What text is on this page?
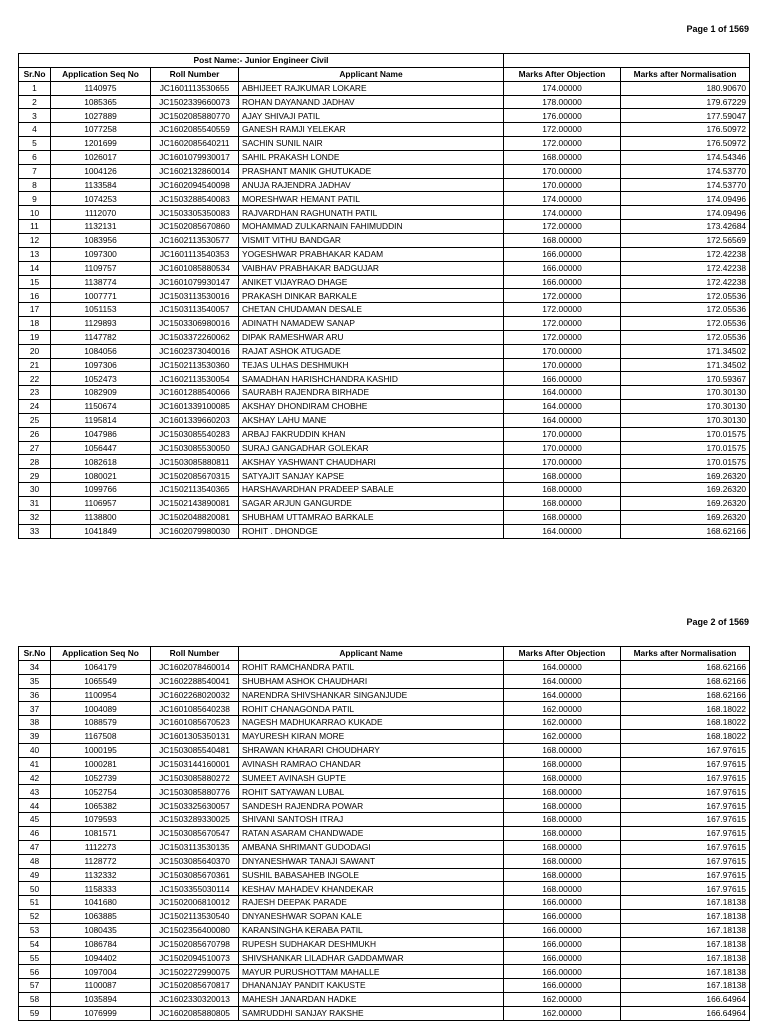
Page 1 of 1569
Post Name:- Junior Engineer Civil					
Sr.No	Application Seq No	Roll Number	Applicant Name	Marks After Objection	Marks after Normalisation
1	1140975	JC1601113530655	ABHIJEET RAJKUMAR LOKARE	174.00000	180.90670
2	1085365	JC1502339660073	ROHAN DAYANAND JADHAV	178.00000	179.67229
3	1027889	JC1502085880770	AJAY SHIVAJI PATIL	176.00000	177.59047
4	1077258	JC1602085540559	GANESH RAMJI YELEKAR	172.00000	176.50972
5	1201699	JC1602085640211	SACHIN SUNIL NAIR	172.00000	176.50972
6	1026017	JC1601079930017	SAHIL PRAKASH LONDE	168.00000	174.54346
7	1004126	JC1602132860014	PRASHANT MANIK GHUTUKADE	170.00000	174.53770
8	1133584	JC1602094540098	ANUJA RAJENDRA JADHAV	170.00000	174.53770
9	1074253	JC1503288540083	MORESHWAR HEMANT PATIL	174.00000	174.09496
10	1112070	JC1503305350083	RAJVARDHAN RAGHUNATH PATIL	174.00000	174.09496
11	1132131	JC1502085670860	MOHAMMAD ZULKARNAIN FAHIMUDDIN	172.00000	173.42684
12	1083956	JC1602113530577	VISMIT VITHU BANDGAR	168.00000	172.56569
13	1097300	JC1601113540353	YOGESHWAR PRABHAKAR KADAM	166.00000	172.42238
14	1109757	JC1601085880534	VAIBHAV PRABHAKAR BADGUJAR	166.00000	172.42238
15	1138774	JC1601079930147	ANIKET VIJAYRAO DHAGE	166.00000	172.42238
16	1007771	JC1503113530016	PRAKASH DINKAR BARKALE	172.00000	172.05536
17	1051153	JC1503113540057	CHETAN CHUDAMAN DESALE	172.00000	172.05536
18	1129893	JC1503306980016	ADINATH NAMADEW SANAP	172.00000	172.05536
19	1147782	JC1503372260062	DIPAK RAMESHWAR ARU	172.00000	172.05536
20	1084056	JC1602373040016	RAJAT ASHOK ATUGADE	170.00000	171.34502
21	1097306	JC1502113530360	TEJAS ULHAS DESHMUKH	170.00000	171.34502
22	1052473	JC1602113530054	SAMADHAN HARISHCHANDRA KASHID	166.00000	170.59367
23	1082909	JC1601288540066	SAURABH RAJENDRA BIRHADE	164.00000	170.30130
24	1150674	JC1601339100085	AKSHAY DHONDIRAM CHOBHE	164.00000	170.30130
25	1195814	JC1601339660203	AKSHAY LAHU MANE	164.00000	170.30130
26	1047986	JC1503085540283	ARBAJ FAKRUDDIN KHAN	170.00000	170.01575
27	1056447	JC1503085530050	SURAJ GANGADHAR GOLEKAR	170.00000	170.01575
28	1082618	JC1503085880811	AKSHAY YASHWANT CHAUDHARI	170.00000	170.01575
29	1080021	JC1502085670315	SATYAJIT SANJAY KAPSE	168.00000	169.26320
30	1099766	JC1502113540365	HARSHAVARDHAN PRADEEP SABALE	168.00000	169.26320
31	1106957	JC1502143890081	SAGAR ARJUN GANGURDE	168.00000	169.26320
32	1138800	JC1502048820081	SHUBHAM UTTAMRAO BARKALE	168.00000	169.26320
33	1041849	JC1602079980030	ROHIT . DHONDGE	164.00000	168.62166
Page 2 of 1569
Sr.No	Application Seq No	Roll Number	Applicant Name	Marks After Objection	Marks after Normalisation
34	1064179	JC1602078460014	ROHIT RAMCHANDRA PATIL	164.00000	168.62166
35	1065549	JC1602288540041	SHUBHAM ASHOK CHAUDHARI	164.00000	168.62166
36	1100954	JC1602268020032	NARENDRA SHIVSHANKAR SINGANJUDE	164.00000	168.62166
37	1004089	JC1601085640238	ROHIT CHANAGONDA PATIL	162.00000	168.18022
38	1088579	JC1601085670523	NAGESH MADHUKARRAO KUKADE	162.00000	168.18022
39	1167508	JC1601305350131	MAYURESH KIRAN MORE	162.00000	168.18022
40	1000195	JC1503085540481	SHRAWAN KHARARI CHOUDHARY	168.00000	167.97615
41	1000281	JC1503144160001	AVINASH RAMRAO CHANDAR	168.00000	167.97615
42	1052739	JC1503085880272	SUMEET AVINASH GUPTE	168.00000	167.97615
43	1052754	JC1503085880776	ROHIT SATYAWAN LUBAL	168.00000	167.97615
44	1065382	JC1503325630057	SANDESH RAJENDRA POWAR	168.00000	167.97615
45	1079593	JC1503289330025	SHIVANI SANTOSH ITRAJ	168.00000	167.97615
46	1081571	JC1503085670547	RATAN ASARAM CHANDWADE	168.00000	167.97615
47	1112273	JC1503113530135	AMBANA SHRIMANT GUDODAGI	168.00000	167.97615
48	1128772	JC1503085640370	DNYANESHWAR TANAJI SAWANT	168.00000	167.97615
49	1132332	JC1503085670361	SUSHIL BABASAHEB INGOLE	168.00000	167.97615
50	1158333	JC1503355030114	KESHAV MAHADEV KHANDEKAR	168.00000	167.97615
51	1041680	JC1502006810012	RAJESH DEEPAK PARADE	166.00000	167.18138
52	1063885	JC1502113530540	DNYANESHWAR SOPAN KALE	166.00000	167.18138
53	1080435	JC1502356400080	KARANSINGHA KERABA PATIL	166.00000	167.18138
54	1086784	JC1502085670798	RUPESH SUDHAKAR DESHMUKH	166.00000	167.18138
55	1094402	JC1502094510073	SHIVSHANKAR LILADHAR GADDAMWAR	166.00000	167.18138
56	1097004	JC1502272990075	MAYUR PURUSHOTTAM MAHALLE	166.00000	167.18138
57	1100087	JC1502085670817	DHANANJAY PANDIT KAKUSTE	166.00000	167.18138
58	1035894	JC1602330320013	MAHESH JANARDAN HADKE	162.00000	166.64964
59	1076999	JC1602085880805	SAMRUDDHI SANJAY RAKSHE	162.00000	166.64964
